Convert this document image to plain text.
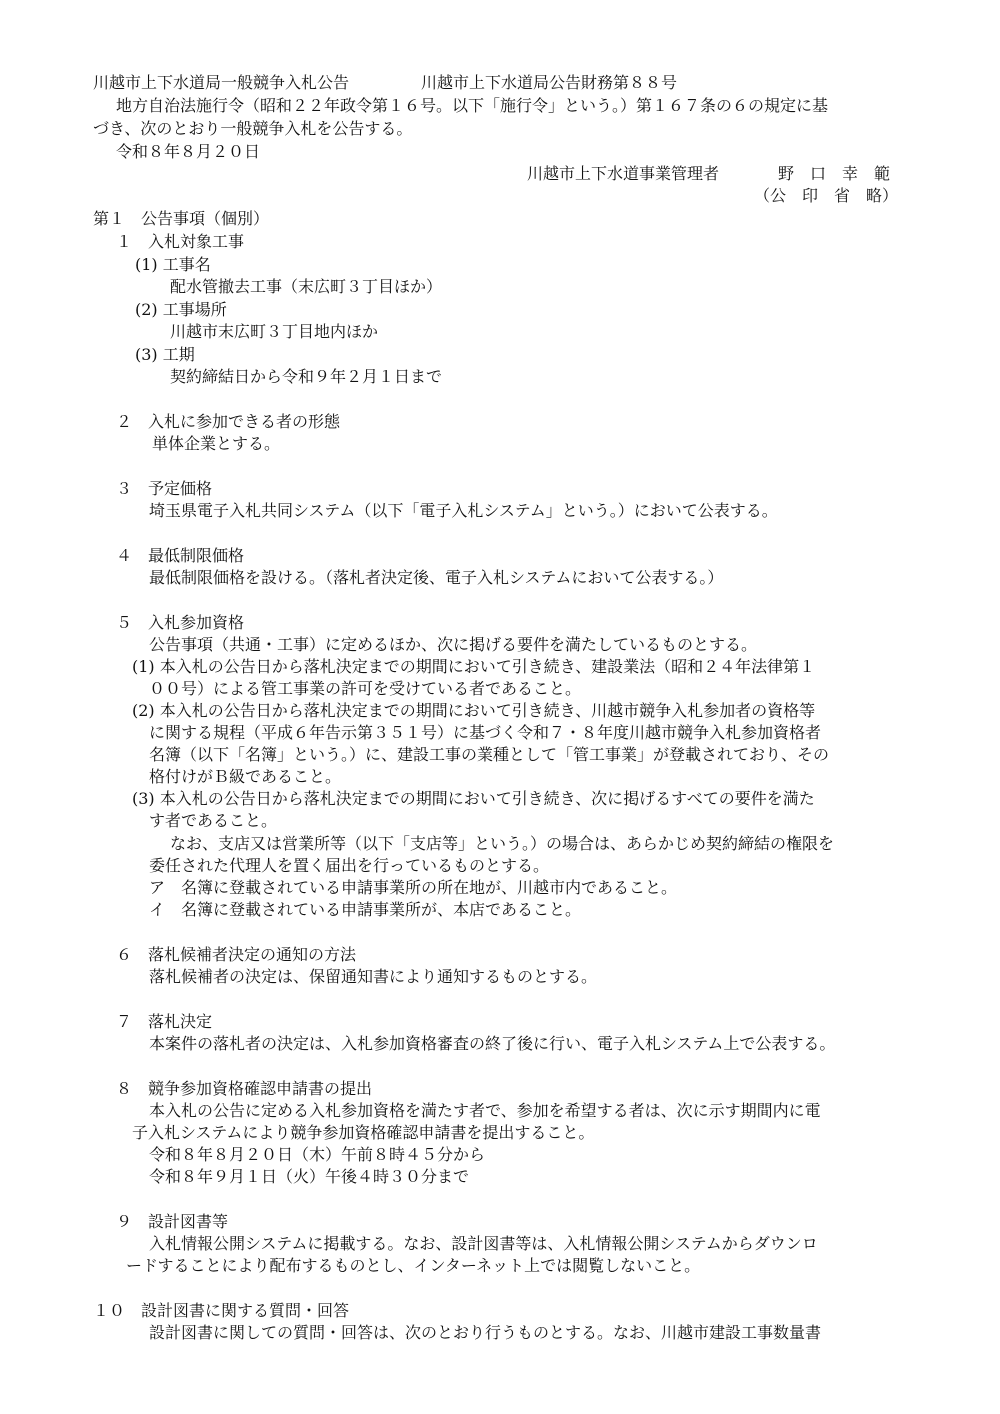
川越市上下水道局一般競争入札公告	川越市上下水道局公告財務第８８号
地方自治法施行令（昭和２２年政令第１６号。以下「施行令」という。）第１６７条の６の規定に基
づき、次のとおり一般競争入札を公告する。
令和８年８月２０日
川越市上下水道事業管理者	野　口　幸　範
（公　印　省　略）
第１　公告事項（個別）
１　入札対象工事
(1) 工事名
配水管撤去工事（末広町３丁目ほか）
(2) 工事場所
川越市末広町３丁目地内ほか
(3) 工期
契約締結日から令和９年２月１日まで
２　入札に参加できる者の形態
単体企業とする。
３　予定価格
埼玉県電子入札共同システム（以下「電子入札システム」という。）において公表する。
４　最低制限価格
最低制限価格を設ける。（落札者決定後、電子入札システムにおいて公表する。）
５　入札参加資格
公告事項（共通・工事）に定めるほか、次に掲げる要件を満たしているものとする。
(1) 本入札の公告日から落札決定までの期間において引き続き、建設業法（昭和２４年法律第１
００号）による管工事業の許可を受けている者であること。
(2) 本入札の公告日から落札決定までの期間において引き続き、川越市競争入札参加者の資格等
に関する規程（平成６年告示第３５１号）に基づく令和７・８年度川越市競争入札参加資格者
名簿（以下「名簿」という。）に、建設工事の業種として「管工事業」が登載されており、その
格付けがＢ級であること。
(3) 本入札の公告日から落札決定までの期間において引き続き、次に掲げるすべての要件を満た
す者であること。
なお、支店又は営業所等（以下「支店等」という。）の場合は、あらかじめ契約締結の権限を
委任された代理人を置く届出を行っているものとする。
ア　名簿に登載されている申請事業所の所在地が、川越市内であること。
イ　名簿に登載されている申請事業所が、本店であること。
６　落札候補者決定の通知の方法
落札候補者の決定は、保留通知書により通知するものとする。
７　落札決定
本案件の落札者の決定は、入札参加資格審査の終了後に行い、電子入札システム上で公表する。
８　競争参加資格確認申請書の提出
本入札の公告に定める入札参加資格を満たす者で、参加を希望する者は、次に示す期間内に電
子入札システムにより競争参加資格確認申請書を提出すること。
令和８年８月２０日（木）午前８時４５分から
令和８年９月１日（火）午後４時３０分まで
９　設計図書等
入札情報公開システムに掲載する。なお、設計図書等は、入札情報公開システムからダウンロ
ードすることにより配布するものとし、インターネット上では閲覧しないこと。
１０　設計図書に関する質問・回答
設計図書に関しての質問・回答は、次のとおり行うものとする。なお、川越市建設工事数量書
